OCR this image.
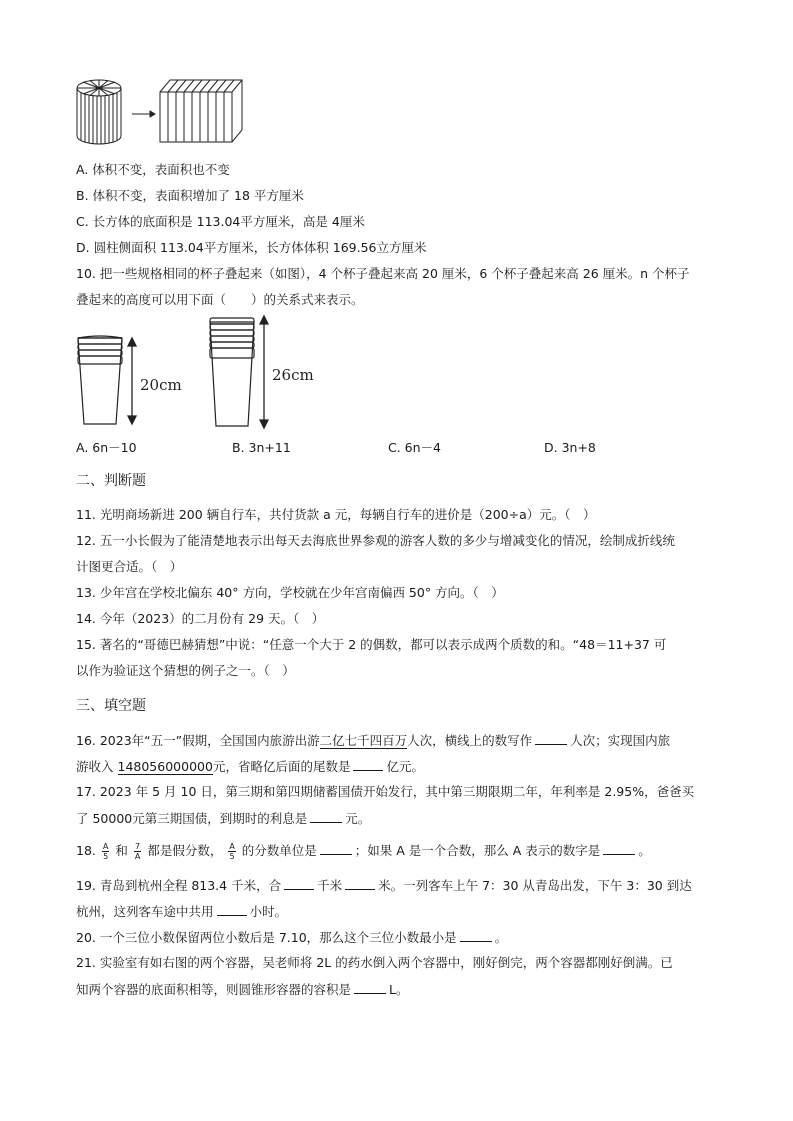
A. 体积不变，表面积也不变
B. 体积不变，表面积增加了 18 平方厘米
C. 长方体的底面积是 113.04平方厘米，高是 4厘米
D. 圆柱侧面积 113.04平方厘米，长方体体积 169.56立方厘米
10. 把一些规格相同的杯子叠起来（如图），4 个杯子叠起来高 20 厘米，6 个杯子叠起来高 26 厘米。n 个杯子
叠起来的高度可以用下面（　　）的关系式来表示。
20cm
26cm
A. 6n－10	B. 3n+11	C. 6n－4	D. 3n+8
二、判断题
11. 光明商场新进 200 辆自行车，共付货款 a 元，每辆自行车的进价是（200÷a）元。（　）
12. 五一小长假为了能清楚地表示出每天去海底世界参观的游客人数的多少与增减变化的情况，绘制成折线统
计图更合适。（　）
13. 少年宫在学校北偏东 40° 方向，学校就在少年宫南偏西 50° 方向。（　）
14. 今年（2023）的二月份有 29 天。（　）
15. 著名的“哥德巴赫猜想”中说：“任意一个大于 2 的偶数，都可以表示成两个质数的和。“48＝11+37 可
以作为验证这个猜想的例子之一。（　）
三、填空题
16. 2023年“五一”假期，全国国内旅游出游二亿七千四百万人次，横线上的数写作	人次；实现国内旅
游收入 148056000000元，省略亿后面的尾数是	亿元。
17. 2023 年 5 月 10 日，第三期和第四期储蓄国债开始发行，其中第三期限期二年，年利率是 2.95%，爸爸买
了 50000元第三期国债，到期时的利息是	元。
18. $\frac{A}{5}$ 和 $\frac{7}{A}$ 都是假分数， $\frac{A}{5}$ 的分数单位是	；如果 A 是一个合数，那么 A 表示的数字是	。
19. 青岛到杭州全程 813.4 千米，合	千米	米。一列客车上午 7：30 从青岛出发，下午 3：30 到达
杭州，这列客车途中共用	小时。
20. 一个三位小数保留两位小数后是 7.10，那么这个三位小数最小是	。
21. 实验室有如右图的两个容器，吴老师将 2L 的药水倒入两个容器中，刚好倒完，两个容器都刚好倒满。已
知两个容器的底面积相等，则圆锥形容器的容积是	L。
